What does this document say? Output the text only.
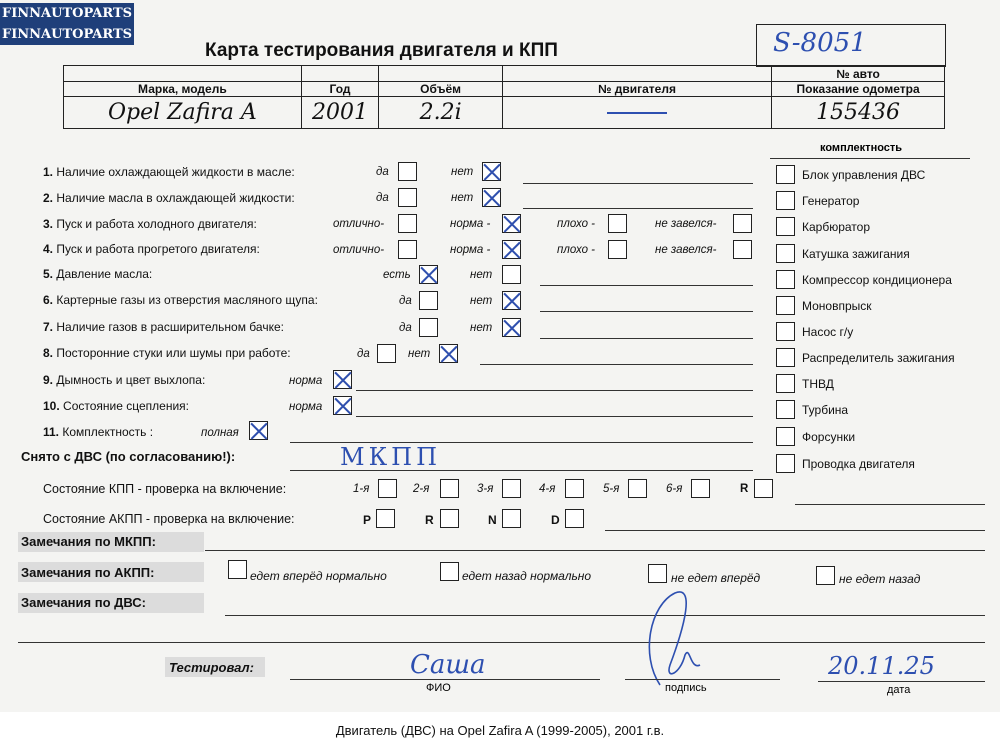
FINNAUTOPARTS
FINNAUTOPARTS
Карта тестирования двигателя и КПП	S-8051
				№ авто
Марка, модель	Год	Объём	№ двигателя	Показание одометра
Opel Zafira A	2001	2.2i		155436
комплектность
Блок управления ДВС
Генератор
Карбюратор
Катушка зажигания
Компрессор кондиционера
Моновпрыск
Насос г/у
Распределитель зажигания
ТНВД
Турбина
Форсунки
Проводка двигателя
1. Наличие охлаждающей жидкости в масле:	да	нет
2. Наличие масла в охлаждающей жидкости:	да	нет
3. Пуск и работа холодного двигателя:	отлично-	норма -	плохо -	не завелся-
4. Пуск и работа прогретого двигателя:	отлично-	норма -	плохо -	не завелся-
5. Давление масла:	есть	нет
6. Картерные газы из отверстия масляного щупа:	да	нет
7. Наличие газов в расширительном бачке:	да	нет
8. Посторонние стуки или шумы при работе:	да	нет
9. Дымность и цвет выхлопа:	норма
10. Состояние сцепления:	норма
11. Комплектность :	полная
Снято с ДВС (по согласованию!):	МКПП
Состояние КПП - проверка на включение:	1-я	2-я	3-я	4-я	5-я	6-я	R
Состояние АКПП - проверка на включение:	P	R	N	D
Замечания по МКПП:
Замечания по АКПП:	едет вперёд нормально	едет назад нормально	не едет вперёд	не едет назад
Замечания по ДВС:
Тестировал:	Саша
ФИО	подпись
20.11.25
дата
Двигатель (ДВС) на Opel Zafira A (1999-2005), 2001 г.в.
